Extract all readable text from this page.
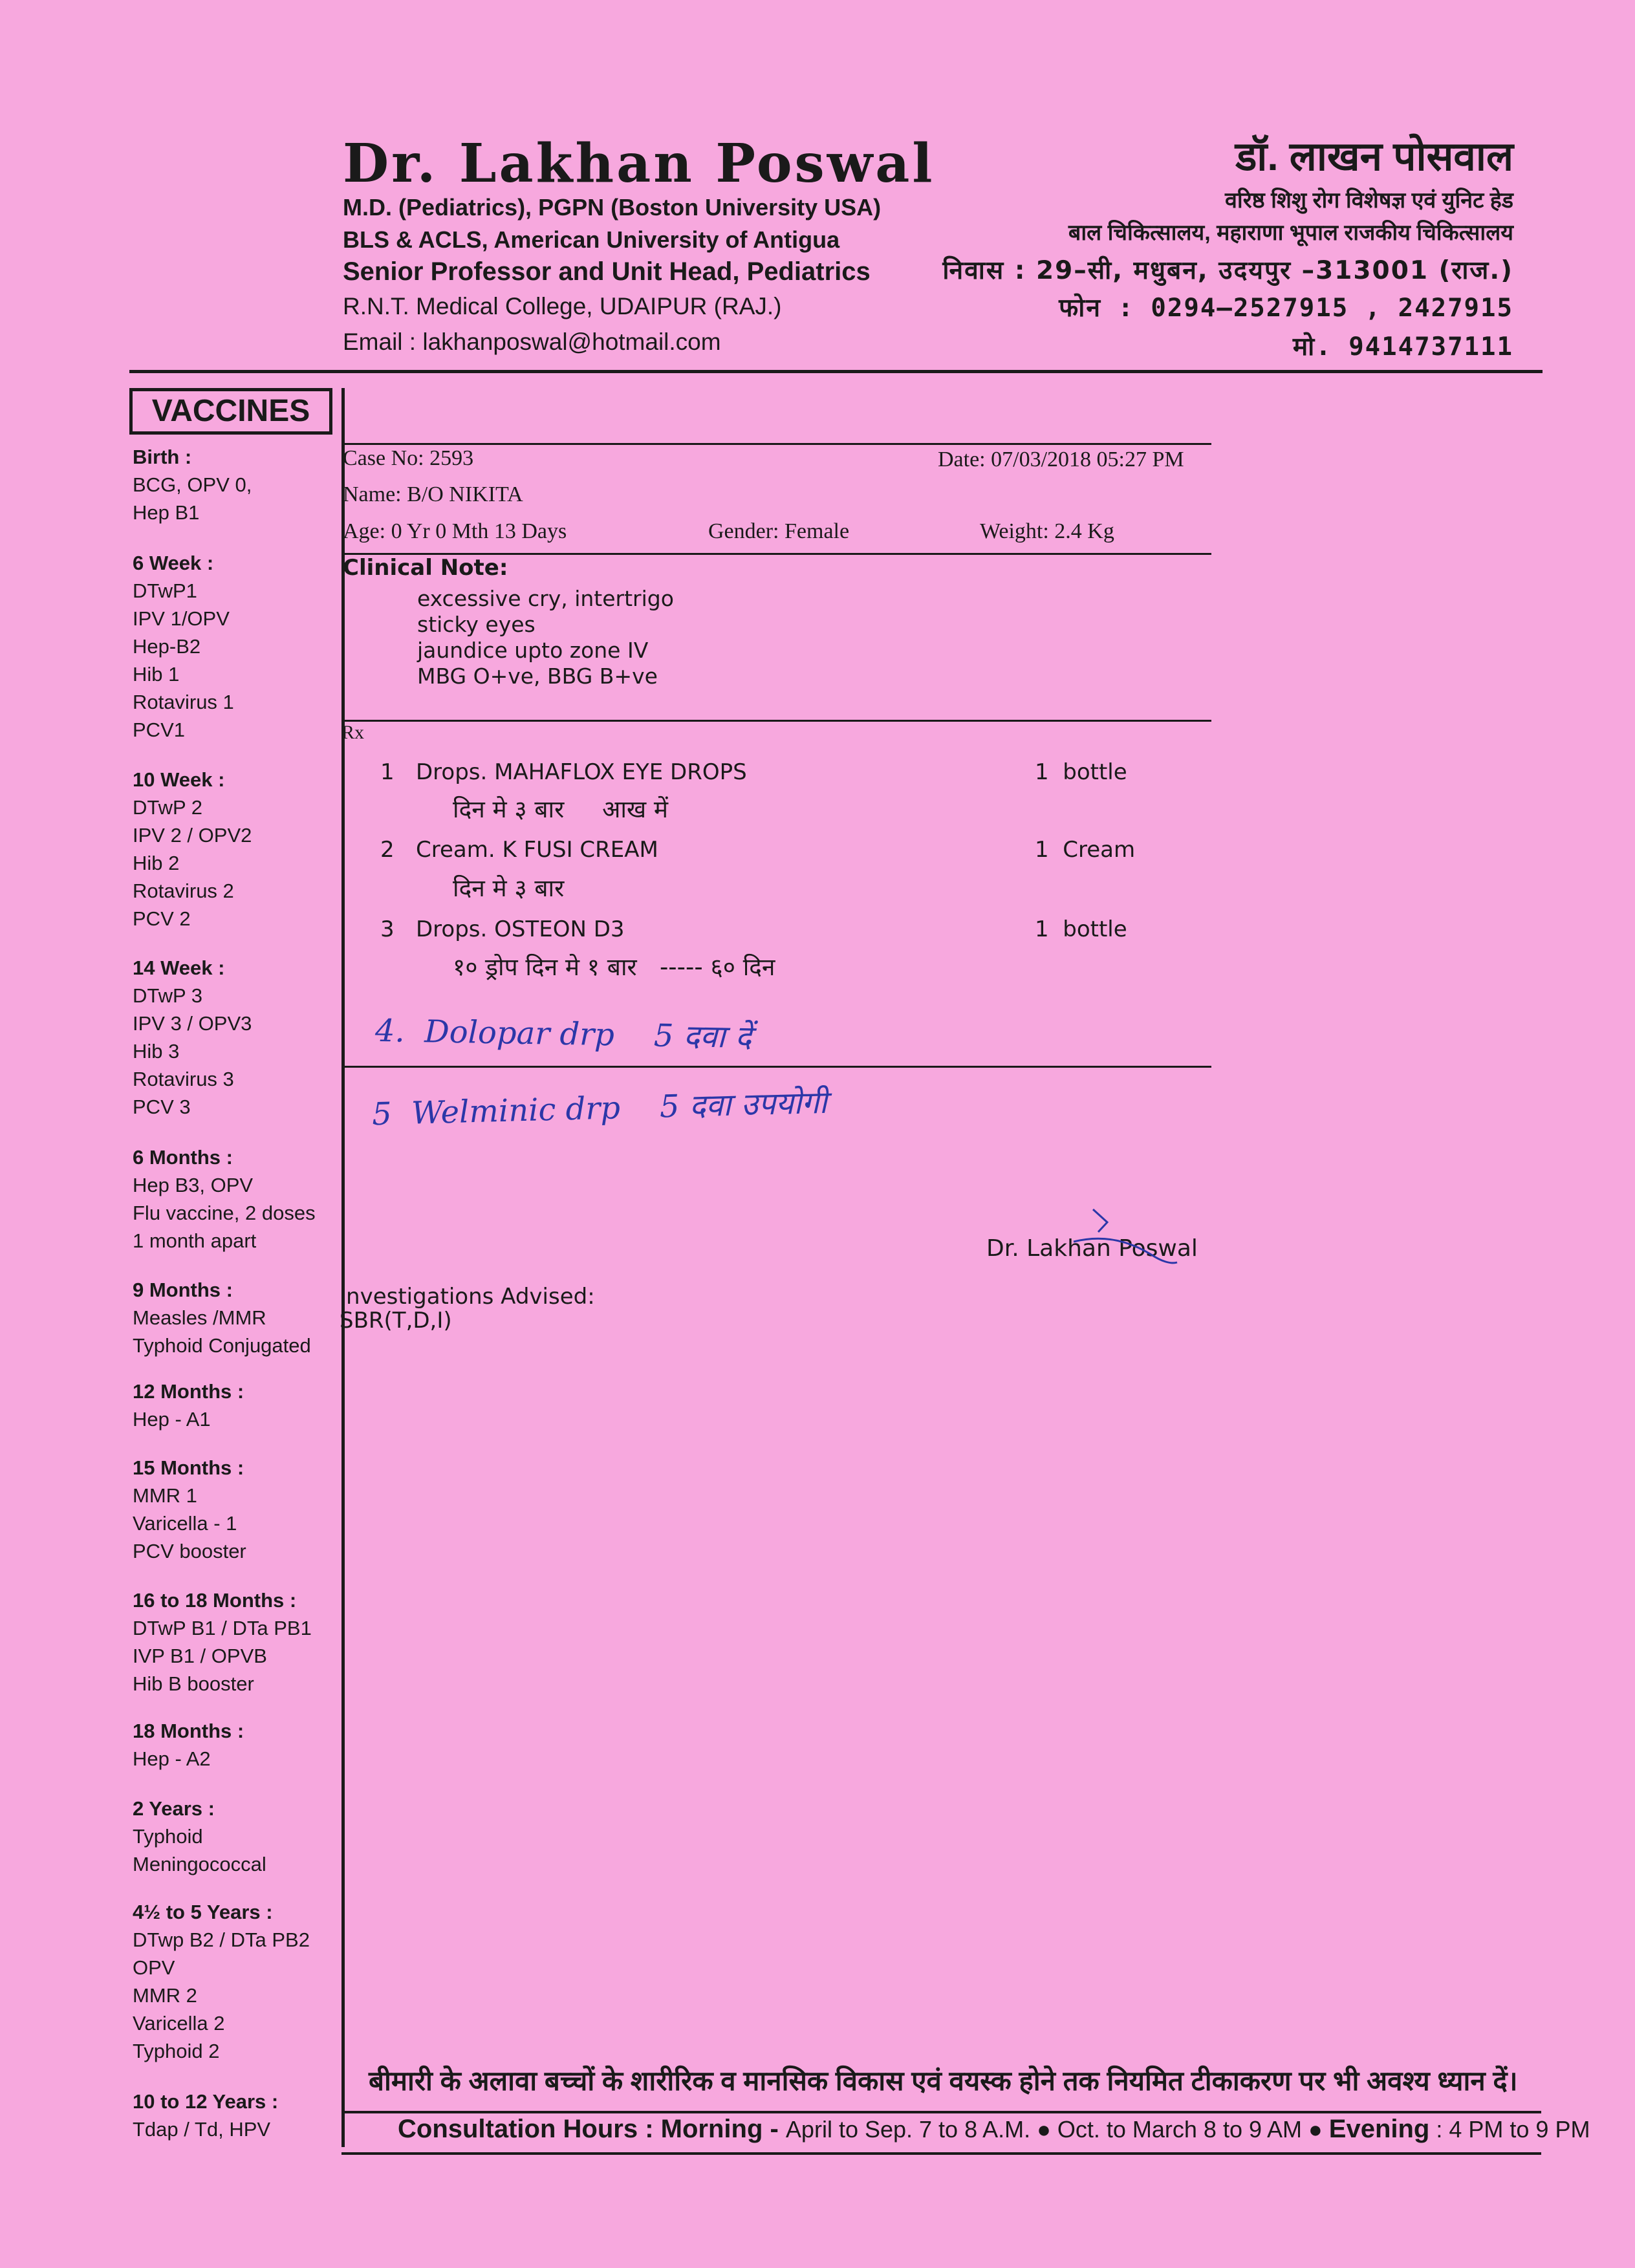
Dr. Lakhan Poswal
M.D. (Pediatrics), PGPN (Boston University USA)
BLS & ACLS, American University of Antigua
Senior Professor and Unit Head, Pediatrics
R.N.T. Medical College, UDAIPUR (RAJ.)
Email : lakhanposwal@hotmail.com
डॉ. लाखन पोसवाल
वरिष्ठ शिशु रोग विशेषज्ञ एवं युनिट हेड
बाल चिकित्सालय, महाराणा भूपाल राजकीय चिकित्सालय
निवास : 29–सी, मधुबन, उदयपुर –313001 (राज.)
फोन : 0294–2527915 , 2427915
मो. 9414737111
VACCINES
Birth :
BCG, OPV 0,
Hep B1
6 Week :
DTwP1
IPV 1/OPV
Hep-B2
Hib 1
Rotavirus 1
PCV1
10 Week :
DTwP 2
IPV 2 / OPV2
Hib 2
Rotavirus 2
PCV 2
14 Week :
DTwP 3
IPV 3 / OPV3
Hib 3
Rotavirus 3
PCV 3
6 Months :
Hep B3, OPV
Flu vaccine, 2 doses
1 month apart
9 Months :
Measles /MMR
Typhoid Conjugated
12 Months :
Hep - A1
15 Months :
MMR 1
Varicella - 1
PCV booster
16 to 18 Months :
DTwP B1 / DTa PB1
IVP B1 / OPVB
Hib B booster
18 Months :
Hep - A2
2 Years :
Typhoid
Meningococcal
4½ to 5 Years :
DTwp B2 / DTa PB2
OPV
MMR 2
Varicella 2
Typhoid 2
10 to 12 Years :
Tdap / Td, HPV
Case No: 2593	Date: 07/03/2018 05:27 PM
Name: B/O NIKITA
Age: 0 Yr 0 Mth 13 Days	Gender: Female	Weight: 2.4 Kg
Clinical Note:
excessive cry, intertrigo
sticky eyes
jaundice upto zone IV
MBG O+ve, BBG B+ve
Rx
1 Drops. MAHAFLOX EYE DROPS	1  bottle
दिन मे ३ बार     आख में
2 Cream. K FUSI CREAM	1  Cream
दिन मे ३ बार
3 Drops. OSTEON D3	1  bottle
१० ड्रोप दिन मे १ बार   ----- ६० दिन
4.  Dolopar drp    5 दवा दें
5  Welminic drp    5 दवा उपयोगी
Dr. Lakhan Poswal
Investigations Advised:
SBR(T,D,I)
बीमारी के अलावा बच्चों के शारीरिक व मानसिक विकास एवं वयस्क होने तक नियमित टीकाकरण पर भी अवश्य ध्यान दें।
Consultation Hours : Morning - April to Sep. 7 to 8 A.M. ● Oct. to March 8 to 9 AM ● Evening : 4 PM to 9 PM
